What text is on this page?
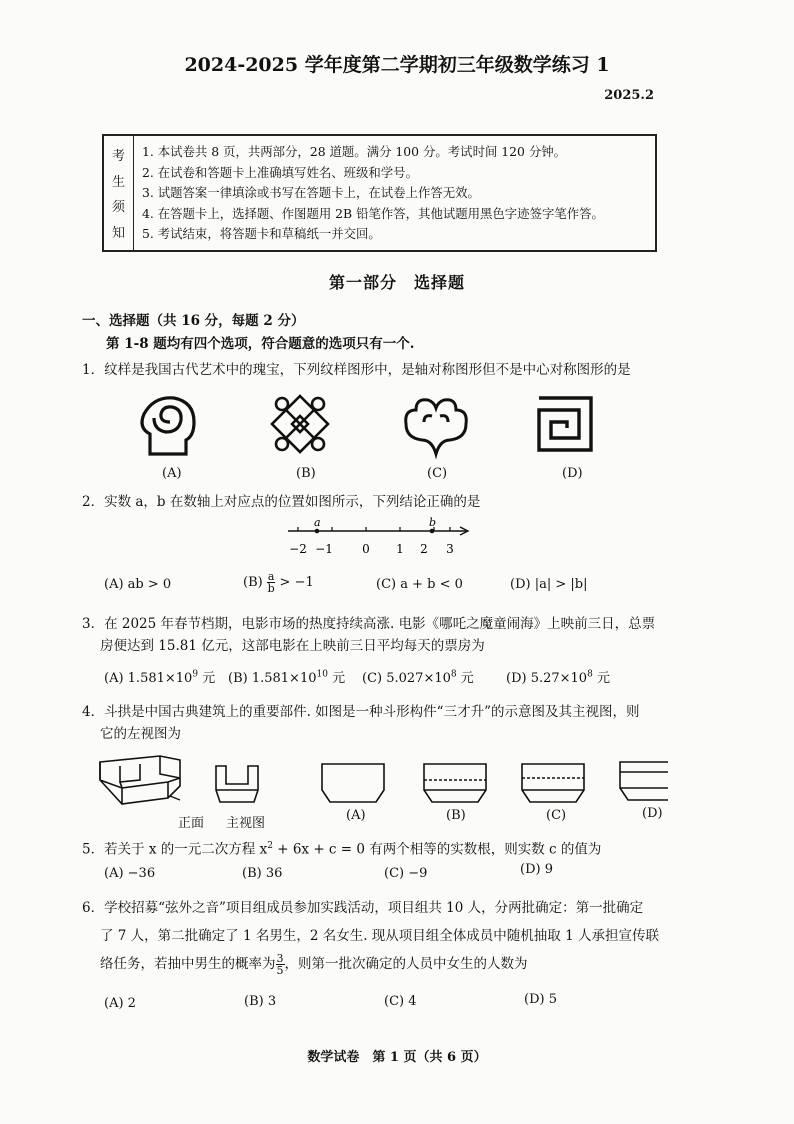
2024-2025 学年度第二学期初三年级数学练习 1
2025.2
考
生
须
知
1. 本试卷共 8 页，共两部分，28 道题。满分 100 分。考试时间 120 分钟。
2. 在试卷和答题卡上准确填写姓名、班级和学号。
3. 试题答案一律填涂或书写在答题卡上，在试卷上作答无效。
4. 在答题卡上，选择题、作图题用 2B 铅笔作答，其他试题用黑色字迹签字笔作答。
5. 考试结束，将答题卡和草稿纸一并交回。
第一部分　选择题
一、选择题（共 16 分，每题 2 分）
第 1-8 题均有四个选项，符合题意的选项只有一个.
1．纹样是我国古代艺术中的瑰宝，下列纹样图形中，是轴对称图形但不是中心对称图形的是
(A)	(B)	(C)	(D)
2．实数 a，b 在数轴上对应点的位置如图所示，下列结论正确的是
a	b
−2 −1 0 1 2 3
(A) ab > 0	$(B) \frac{a}{b} > -1$	(C) a + b < 0	(D) |a| > |b|
3．在 2025 年春节档期，电影市场的热度持续高涨. 电影《哪吒之魔童闹海》上映前三日，总票
房便达到 15.81 亿元，这部电影在上映前三日平均每天的票房为
(A) $1.581\times 10^9$ 元 (B) $1.581\times 10^{10}$ 元 (C) $5.027\times 10^8$ 元 (D) $5.27\times 10^8$ 元
4．斗拱是中国古典建筑上的重要部件. 如图是一种斗形构件“三才升”的示意图及其主视图，则
它的左视图为
正面 主视图
(A)	(B)	(C)	(D)
5．若关于 x 的一元二次方程 $x^2 + 6x + c = 0$ 有两个相等的实数根，则实数 c 的值为
(A) −36	(B) 36	(C) −9	(D) 9
6．学校招募“弦外之音”项目组成员参加实践活动，项目组共 10 人，分两批确定：第一批确定
了 7 人，第二批确定了 1 名男生，2 名女生. 现从项目组全体成员中随机抽取 1 人承担宣传联
络任务，若抽中男生的概率为 $\frac{3}{5}$ ，则第一批次确定的人员中女生的人数为
(A) 2	(B) 3	(C) 4	(D) 5
数学试卷　第 1 页（共 6 页）
